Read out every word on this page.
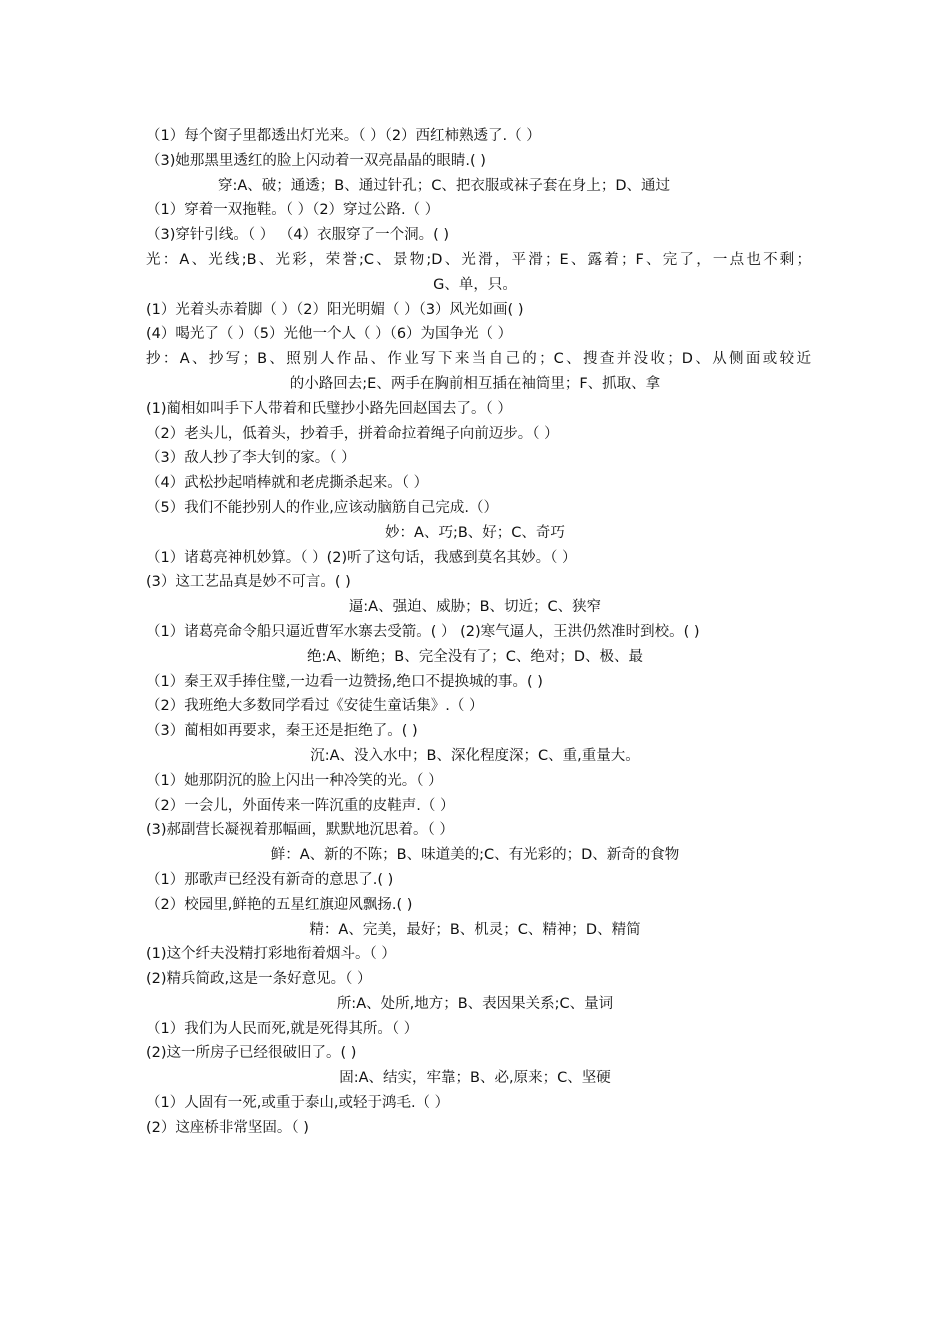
（1）每个窗子里都透出灯光来。（ ）（2）西红柿熟透了.（ ）
（3)她那黑里透红的脸上闪动着一双亮晶晶的眼睛.( )
穿:A、破；通透；B、通过针孔；C、把衣服或袜子套在身上；D、通过
（1）穿着一双拖鞋。（ ）（2）穿过公路.（ ）
（3)穿针引线。（ ） （4）衣服穿了一个洞。( )
光：A、光线;B、光彩，荣誉;C、景物;D、光滑，平滑；E、露着；F、完了，一点也不剩；
G、单，只。
(1）光着头赤着脚（ ）（2）阳光明媚（ ）（3）风光如画( )
(4）喝光了（ ）（5）光他一个人（ ）（6）为国争光（ ）
抄：A、抄写；B、照别人作品、作业写下来当自己的；C、搜查并没收；D、从侧面或较近
的小路回去;E、两手在胸前相互插在袖筒里；F、抓取、拿
(1)蔺相如叫手下人带着和氏璧抄小路先回赵国去了。（ ）
（2）老头儿，低着头，抄着手，拼着命拉着绳子向前迈步。（ ）
（3）敌人抄了李大钊的家。（ ）
（4）武松抄起哨棒就和老虎撕杀起来。（ ）
（5）我们不能抄别人的作业,应该动脑筋自己完成.（）
妙：A、巧;B、好；C、奇巧
（1）诸葛亮神机妙算。（ ）(2)听了这句话，我感到莫名其妙。（ ）
(3）这工艺品真是妙不可言。( )
逼:A、强迫、威胁；B、切近；C、狭窄
（1）诸葛亮命令船只逼近曹军水寨去受箭。( ） (2)寒气逼人，王洪仍然准时到校。( )
绝:A、断绝；B、完全没有了；C、绝对；D、极、最
（1）秦王双手捧住璧,一边看一边赞扬,绝口不提换城的事。( )
（2）我班绝大多数同学看过《安徒生童话集》.（ ）
（3）蔺相如再要求，秦王还是拒绝了。( )
沉:A、没入水中；B、深化程度深；C、重,重量大。
（1）她那阴沉的脸上闪出一种冷笑的光。（ ）
（2）一会儿，外面传来一阵沉重的皮鞋声.（ ）
(3)郝副营长凝视着那幅画，默默地沉思着。（ ）
鲜：A、新的不陈；B、味道美的;C、有光彩的；D、新奇的食物
（1）那歌声已经没有新奇的意思了.( )
（2）校园里,鲜艳的五星红旗迎风飘扬.( )
精：A、完美，最好；B、机灵；C、精神；D、精简
(1)这个纤夫没精打彩地衔着烟斗。（ ）
(2)精兵简政,这是一条好意见。（ ）
所:A、处所,地方；B、表因果关系;C、量词
（1）我们为人民而死,就是死得其所。（ ）
(2)这一所房子已经很破旧了。( )
固:A、结实，牢靠；B、必,原来；C、坚硬
（1）人固有一死,或重于泰山,或轻于鸿毛.（ ）
(2）这座桥非常坚固。（ )
